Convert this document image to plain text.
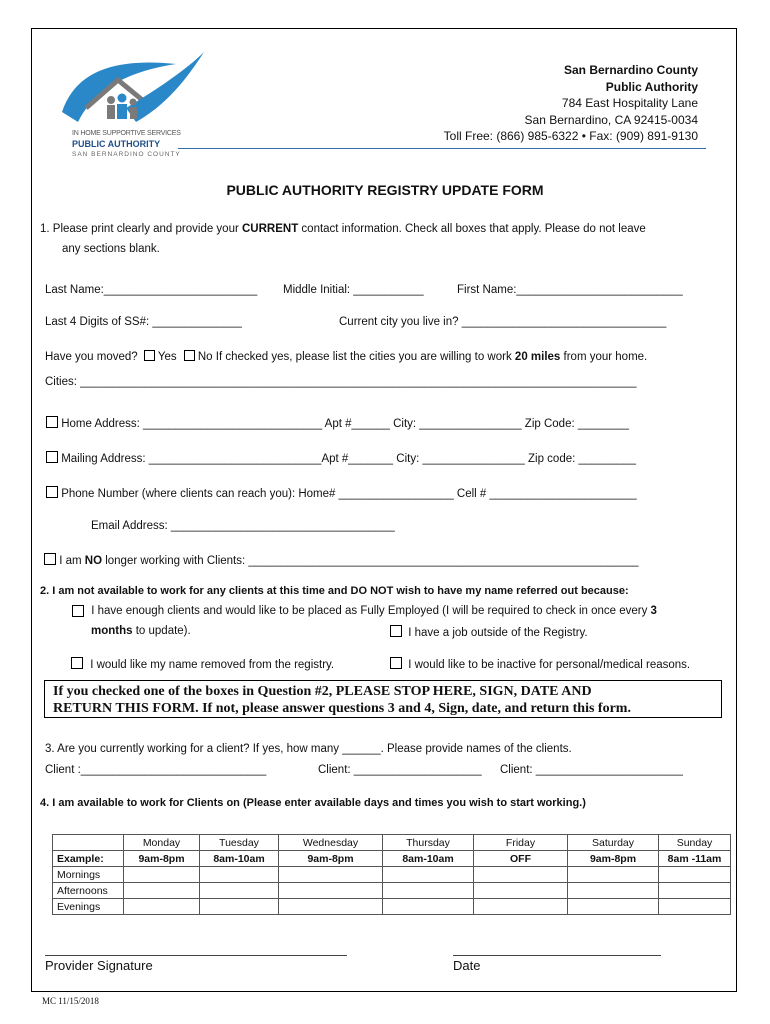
IN HOME SUPPORTIVE SERVICES
PUBLIC AUTHORITY
SAN BERNARDINO COUNTY
San Bernardino County
Public Authority
784 East Hospitality Lane
San Bernardino, CA 92415-0034
Toll Free: (866) 985-6322 • Fax: (909) 891-9130
PUBLIC AUTHORITY REGISTRY UPDATE FORM
1. Please print clearly and provide your CURRENT contact information. Check all boxes that apply. Please do not leave
any sections blank.
Last Name:________________________ Middle Initial: ___________	First Name:__________________________
Last 4 Digits of SS#: ______________	Current city you live in? ________________________________
Have you moved? Yes No If checked yes, please list the cities you are willing to work 20 miles from your home.
Cities: _______________________________________________________________________________________
Home Address: ____________________________ Apt #______ City: ________________ Zip Code: ________
Mailing Address: ___________________________Apt #_______ City: ________________ Zip code: _________
Phone Number (where clients can reach you): Home# __________________ Cell # _______________________
Email Address: ___________________________________
I am NO longer working with Clients: _____________________________________________________________
2. I am not available to work for any clients at this time and DO NOT wish to have my name referred out because:
I have enough clients and would like to be placed as Fully Employed (I will be required to check in once every 3
months to update).	I have a job outside of the Registry.
I would like my name removed from the registry.	I would like to be inactive for personal/medical reasons.
If you checked one of the boxes in Question #2, PLEASE STOP HERE, SIGN, DATE AND
RETURN THIS FORM. If not, please answer questions 3 and 4, Sign, date, and return this form.
3. Are you currently working for a client? If yes, how many ______. Please provide names of the clients.
Client :_____________________________	Client: ____________________ Client: _______________________
4. I am available to work for Clients on (Please enter available days and times you wish to start working.)
	Monday	Tuesday	Wednesday	Thursday	Friday	Saturday	Sunday
Example:	9am-8pm	8am-10am	9am-8pm	8am-10am	OFF	9am-8pm	8am -11am
Mornings							
Afternoons							
Evenings							
Provider Signature	Date
MC 11/15/2018
